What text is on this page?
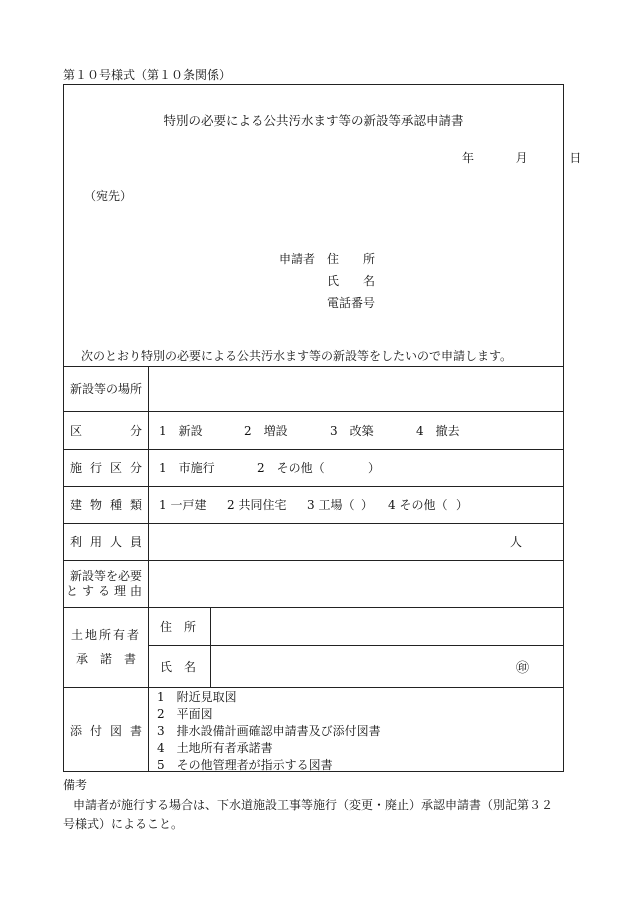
第１０号様式（第１０条関係）
特別の必要による公共汚水ます等の新設等承認申請書
年	月	日
（宛先）
申請者 住　　所
氏　　名
電話番号
次のとおり特別の必要による公共汚水ます等の新設等をしたいので申請します。
新設等の場所
区	分 1　新設	2　増設	3　改築	4　撤去
施 行 区 分 1　市施行	2　その他（	）
建 物 種 類 1 一戸建	2 共同住宅	3 工場（ ）	4 その他（ ）
利 用 人 員	人
新設等を必要
とする理由
土地所有者
承　諾　書
住　所
氏　名	㊞
添 付 図 書
1　附近見取図
2　平面図
3　排水設備計画確認申請書及び添付図書
4　土地所有者承諾書
5　その他管理者が指示する図書
備考
申請者が施行する場合は、下水道施設工事等施行（変更・廃止）承認申請書（別記第３２号様式）によること。
